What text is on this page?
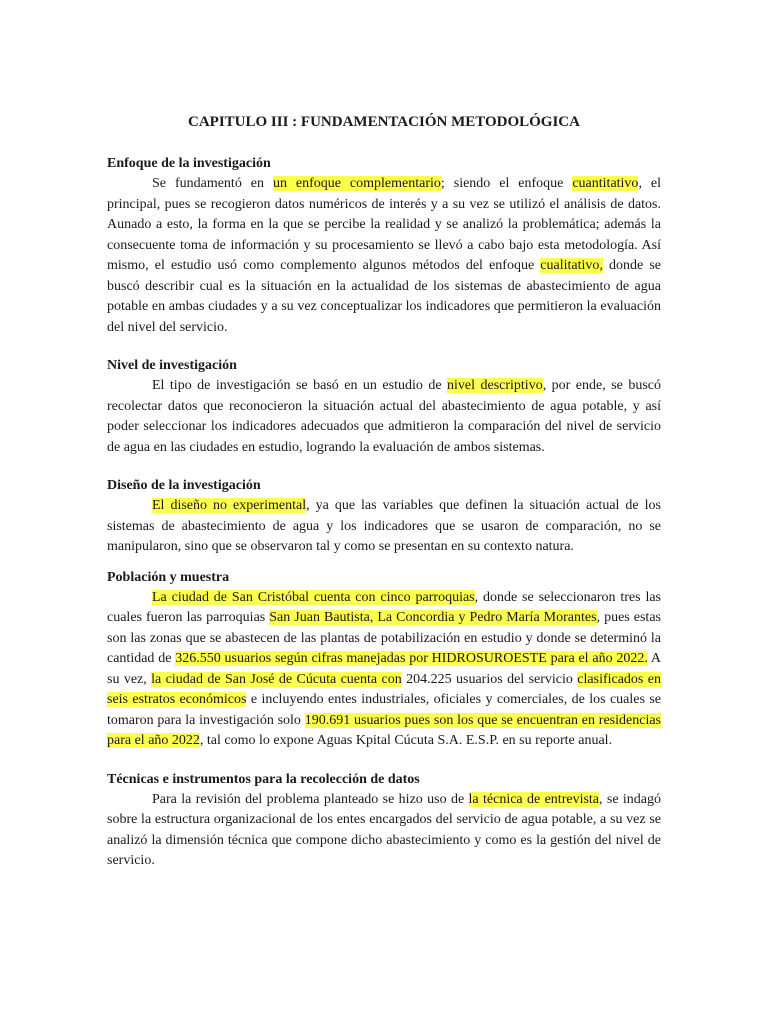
CAPITULO III : FUNDAMENTACIÓN METODOLÓGICA
Enfoque de la investigación

Se fundamentó en un enfoque complementario; siendo el enfoque cuantitativo, el principal, pues se recogieron datos numéricos de interés y a su vez se utilizó el análisis de datos. Aunado a esto, la forma en la que se percibe la realidad y se analizó la problemática; además la consecuente toma de información y su procesamiento se llevó a cabo bajo esta metodología. Así mismo, el estudio usó como complemento algunos métodos del enfoque cualitativo, donde se buscó describir cual es la situación en la actualidad de los sistemas de abastecimiento de agua potable en ambas ciudades y a su vez conceptualizar los indicadores que permitieron la evaluación del nivel del servicio.

Nivel de investigación

El tipo de investigación se basó en un estudio de nivel descriptivo, por ende, se buscó recolectar datos que reconocieron la situación actual del abastecimiento de agua potable, y así poder seleccionar los indicadores adecuados que admitieron la comparación del nivel de servicio de agua en las ciudades en estudio, logrando la evaluación de ambos sistemas.

Diseño de la investigación

El diseño no experimental, ya que las variables que definen la situación actual de los sistemas de abastecimiento de agua y los indicadores que se usaron de comparación, no se manipularon, sino que se observaron tal y como se presentan en su contexto natura.

Población y muestra

La ciudad de San Cristóbal cuenta con cinco parroquias, donde se seleccionaron tres las cuales fueron las parroquias San Juan Bautista, La Concordia y Pedro María Morantes, pues estas son las zonas que se abastecen de las plantas de potabilización en estudio y donde se determinó la cantidad de 326.550 usuarios según cifras manejadas por HIDROSUROESTE para el año 2022. A su vez, la ciudad de San José de Cúcuta cuenta con 204.225 usuarios del servicio clasificados en seis estratos económicos e incluyendo entes industriales, oficiales y comerciales, de los cuales se tomaron para la investigación solo 190.691 usuarios pues son los que se encuentran en residencias para el año 2022, tal como lo expone Aguas Kpital Cúcuta S.A. E.S.P. en su reporte anual.

Técnicas e instrumentos para la recolección de datos

Para la revisión del problema planteado se hizo uso de la técnica de entrevista, se indagó sobre la estructura organizacional de los entes encargados del servicio de agua potable, a su vez se analizó la dimensión técnica que compone dicho abastecimiento y como es la gestión del nivel de servicio.
